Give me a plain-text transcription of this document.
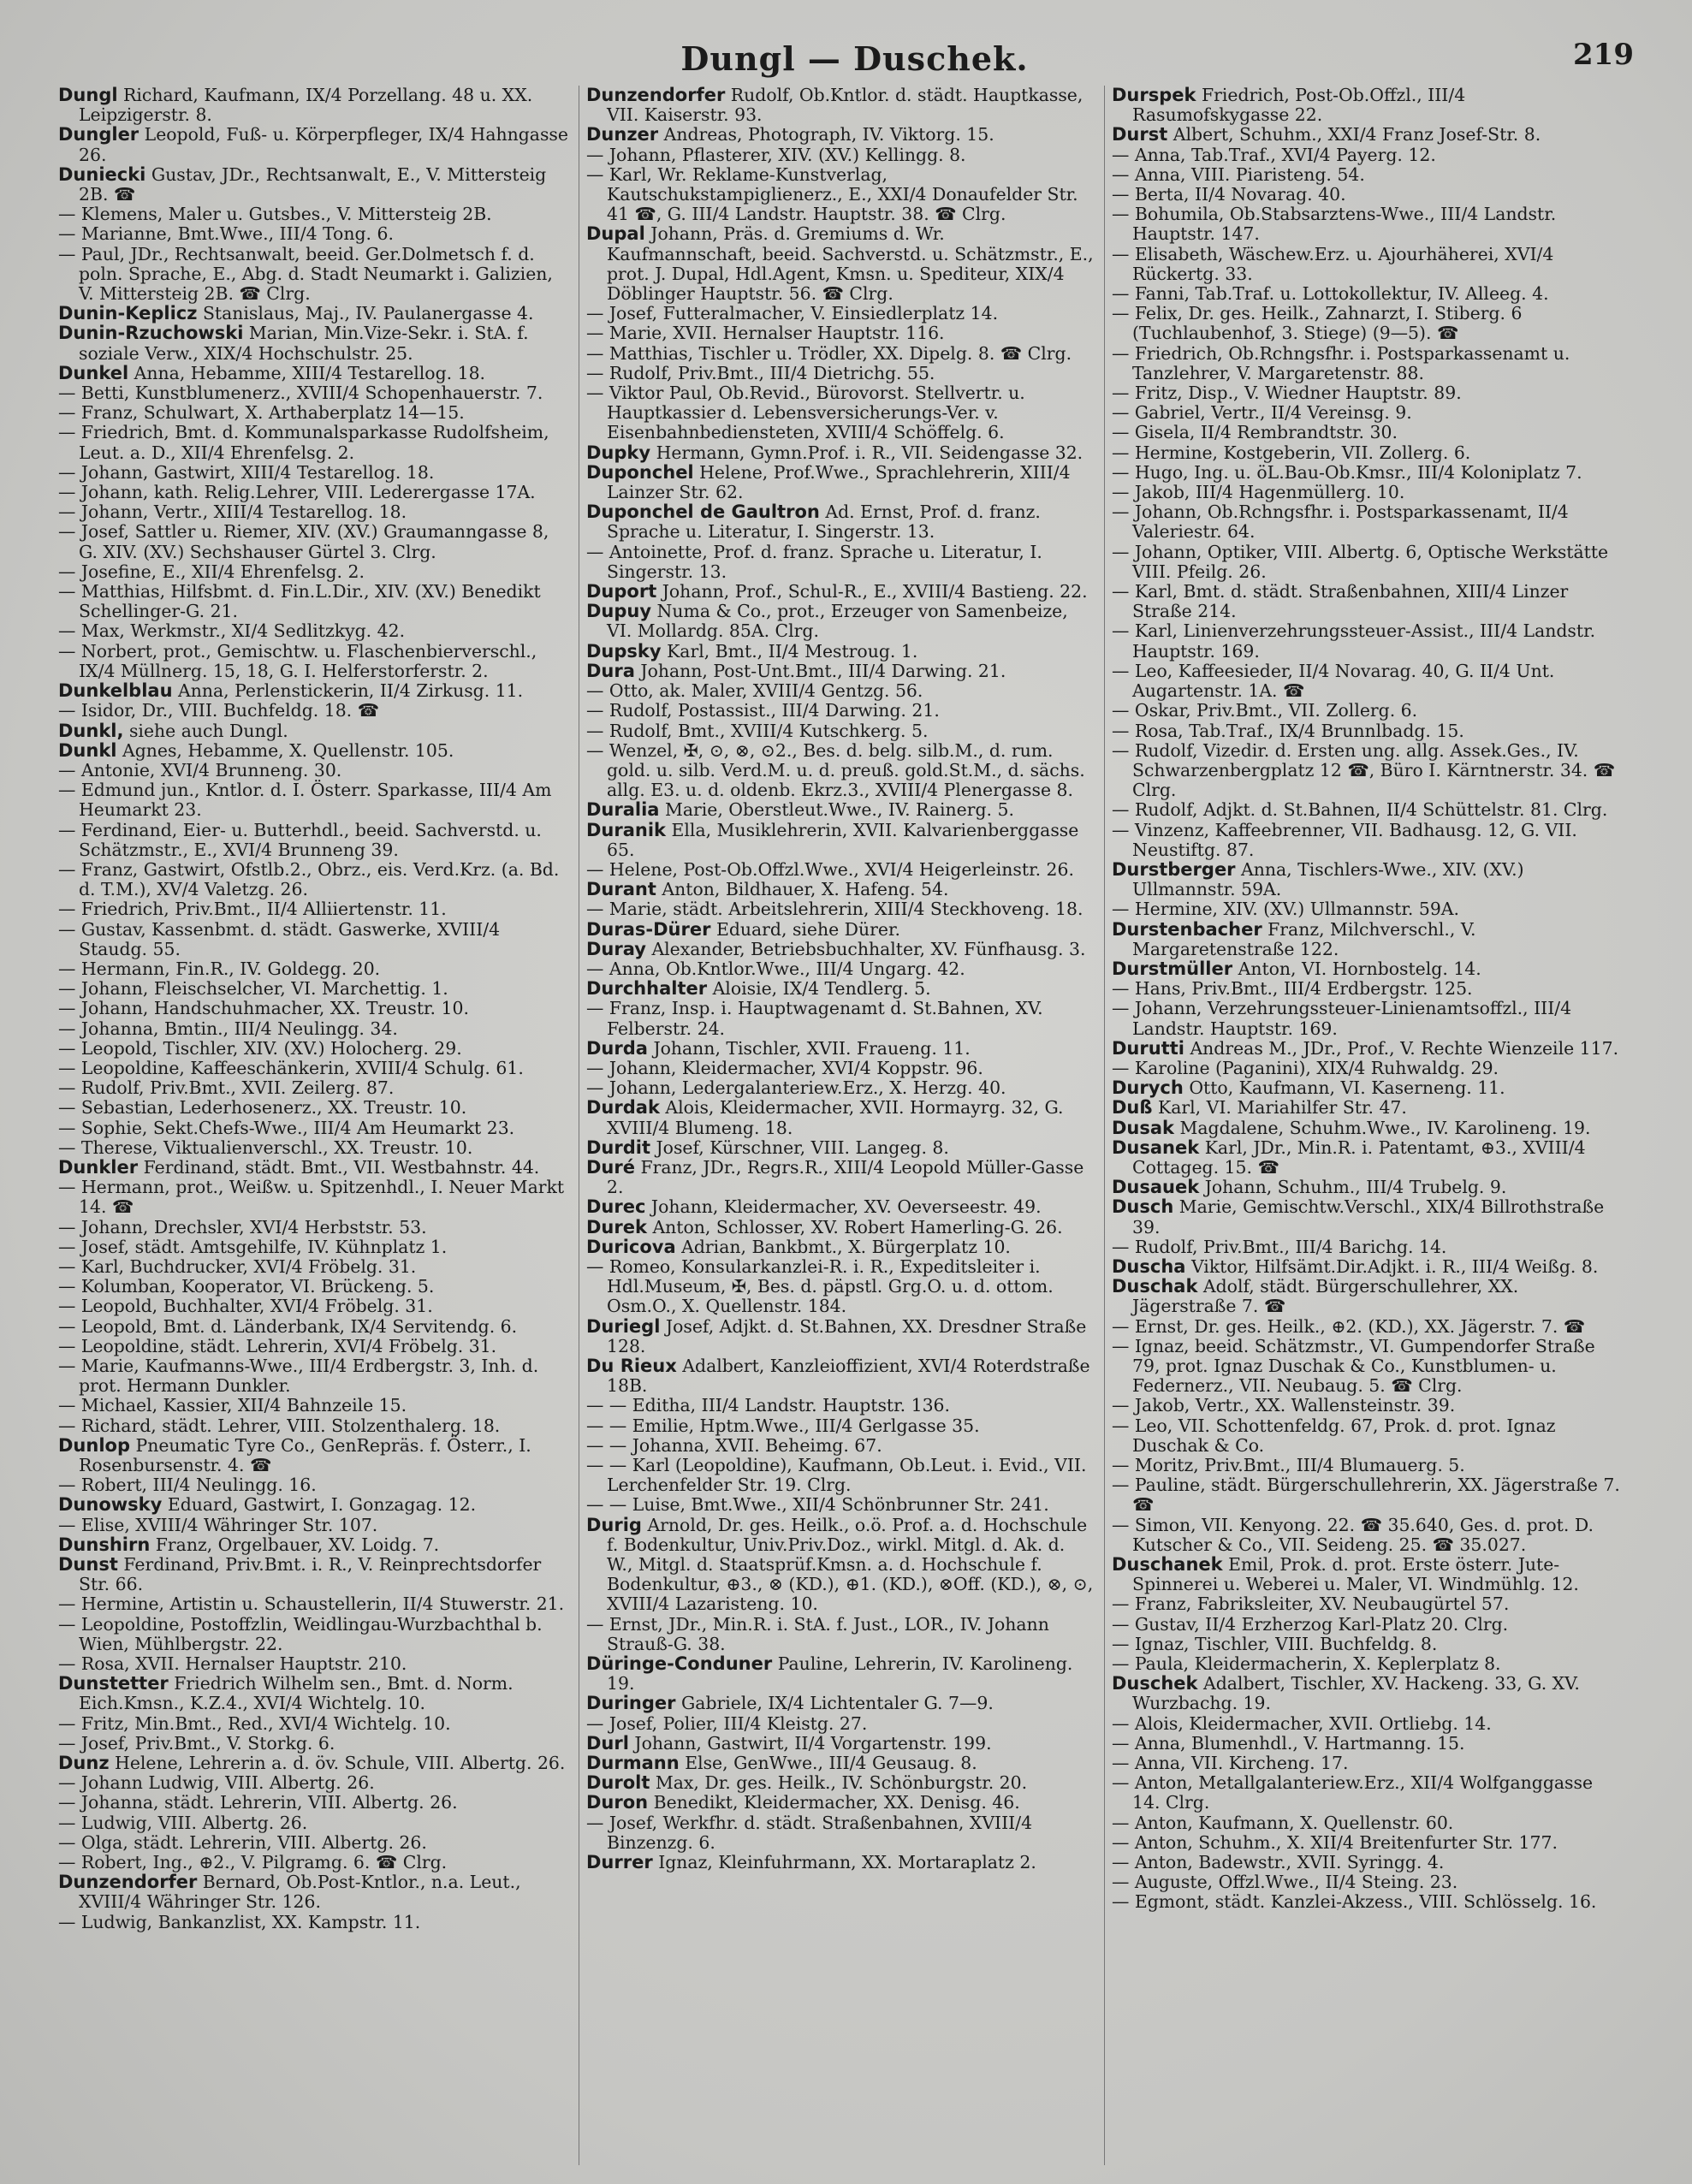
Dungl — Duschek.	219

Dungl Richard, Kaufmann, IX/4 Porzellang. 48 u. XX. Leipzigerstr. 8.

Dungler Leopold, Fuß- u. Körperpfleger, IX/4 Hahngasse 26.

Duniecki Gustav, JDr., Rechtsanwalt, E., V. Mittersteig 2B. ☎

— Klemens, Maler u. Gutsbes., V. Mittersteig 2B.

— Marianne, Bmt.Wwe., III/4 Tong. 6.

— Paul, JDr., Rechtsanwalt, beeid. Ger.Dolmetsch f. d. poln. Sprache, E., Abg. d. Stadt Neumarkt i. Galizien, V. Mittersteig 2B. ☎ Clrg.

Dunin-Keplicz Stanislaus, Maj., IV. Paulanergasse 4.

Dunin-Rzuchowski Marian, Min.Vize-Sekr. i. StA. f. soziale Verw., XIX/4 Hochschulstr. 25.

Dunkel Anna, Hebamme, XIII/4 Testarellog. 18.

— Betti, Kunstblumenerz., XVIII/4 Schopenhauerstr. 7.

— Franz, Schulwart, X. Arthaberplatz 14—15.

— Friedrich, Bmt. d. Kommunalsparkasse Rudolfsheim, Leut. a. D., XII/4 Ehrenfelsg. 2.

— Johann, Gastwirt, XIII/4 Testarellog. 18.

— Johann, kath. Relig.Lehrer, VIII. Lederergasse 17A.

— Johann, Vertr., XIII/4 Testarellog. 18.

— Josef, Sattler u. Riemer, XIV. (XV.) Graumanngasse 8, G. XIV. (XV.) Sechshauser Gürtel 3. Clrg.

— Josefine, E., XII/4 Ehrenfelsg. 2.

— Matthias, Hilfsbmt. d. Fin.L.Dir., XIV. (XV.) Benedikt Schellinger-G. 21.

— Max, Werkmstr., XI/4 Sedlitzkyg. 42.

— Norbert, prot., Gemischtw. u. Flaschenbierverschl., IX/4 Müllnerg. 15, 18, G. I. Helferstorferstr. 2.

Dunkelblau Anna, Perlenstickerin, II/4 Zirkusg. 11.

— Isidor, Dr., VIII. Buchfeldg. 18. ☎

Dunkl, siehe auch Dungl.

Dunkl Agnes, Hebamme, X. Quellenstr. 105.

— Antonie, XVI/4 Brunneng. 30.

— Edmund jun., Kntlor. d. I. Österr. Sparkasse, III/4 Am Heumarkt 23.

— Ferdinand, Eier- u. Butterhdl., beeid. Sachverstd. u. Schätzmstr., E., XVI/4 Brunneng 39.

— Franz, Gastwirt, Ofstlb.2., Obrz., eis. Verd.Krz. (a. Bd. d. T.M.), XV/4 Valetzg. 26.

— Friedrich, Priv.Bmt., II/4 Alliiertenstr. 11.

— Gustav, Kassenbmt. d. städt. Gaswerke, XVIII/4 Staudg. 55.

— Hermann, Fin.R., IV. Goldegg. 20.

— Johann, Fleischselcher, VI. Marchettig. 1.

— Johann, Handschuhmacher, XX. Treustr. 10.

— Johanna, Bmtin., III/4 Neulingg. 34.

— Leopold, Tischler, XIV. (XV.) Holocherg. 29.

— Leopoldine, Kaffeeschänkerin, XVIII/4 Schulg. 61.

— Rudolf, Priv.Bmt., XVII. Zeilerg. 87.

— Sebastian, Lederhosenerz., XX. Treustr. 10.

— Sophie, Sekt.Chefs-Wwe., III/4 Am Heumarkt 23.

— Therese, Viktualienverschl., XX. Treustr. 10.

Dunkler Ferdinand, städt. Bmt., VII. Westbahnstr. 44.

— Hermann, prot., Weißw. u. Spitzenhdl., I. Neuer Markt 14. ☎

— Johann, Drechsler, XVI/4 Herbststr. 53.

— Josef, städt. Amtsgehilfe, IV. Kühnplatz 1.

— Karl, Buchdrucker, XVI/4 Fröbelg. 31.

— Kolumban, Kooperator, VI. Brückeng. 5.

— Leopold, Buchhalter, XVI/4 Fröbelg. 31.

— Leopold, Bmt. d. Länderbank, IX/4 Servitendg. 6.

— Leopoldine, städt. Lehrerin, XVI/4 Fröbelg. 31.

— Marie, Kaufmanns-Wwe., III/4 Erdbergstr. 3, Inh. d. prot. Hermann Dunkler.

— Michael, Kassier, XII/4 Bahnzeile 15.

— Richard, städt. Lehrer, VIII. Stolzenthalerg. 18.

Dunlop Pneumatic Tyre Co., GenRepräs. f. Österr., I. Rosenbursenstr. 4. ☎

— Robert, III/4 Neulingg. 16.

Dunowsky Eduard, Gastwirt, I. Gonzagag. 12.

— Elise, XVIII/4 Währinger Str. 107.

Dunshirn Franz, Orgelbauer, XV. Loidg. 7.

Dunst Ferdinand, Priv.Bmt. i. R., V. Reinprechtsdorfer Str. 66.

— Hermine, Artistin u. Schaustellerin, II/4 Stuwerstr. 21.

— Leopoldine, Postoffzlin, Weidlingau-Wurzbachthal b. Wien, Mühlbergstr. 22.

— Rosa, XVII. Hernalser Hauptstr. 210.

Dunstetter Friedrich Wilhelm sen., Bmt. d. Norm. Eich.Kmsn., K.Z.4., XVI/4 Wichtelg. 10.

— Fritz, Min.Bmt., Red., XVI/4 Wichtelg. 10.

— Josef, Priv.Bmt., V. Storkg. 6.

Dunz Helene, Lehrerin a. d. öv. Schule, VIII. Albertg. 26.

— Johann Ludwig, VIII. Albertg. 26.

— Johanna, städt. Lehrerin, VIII. Albertg. 26.

— Ludwig, VIII. Albertg. 26.

— Olga, städt. Lehrerin, VIII. Albertg. 26.

— Robert, Ing., ⊕2., V. Pilgramg. 6. ☎ Clrg.

Dunzendorfer Bernard, Ob.Post-Kntlor., n.a. Leut., XVIII/4 Währinger Str. 126.

— Ludwig, Bankanzlist, XX. Kampstr. 11.

Dunzendorfer Rudolf, Ob.Kntlor. d. städt. Hauptkasse, VII. Kaiserstr. 93.

Dunzer Andreas, Photograph, IV. Viktorg. 15.

— Johann, Pflasterer, XIV. (XV.) Kellingg. 8.

— Karl, Wr. Reklame-Kunstverlag, Kautschukstampiglienerz., E., XXI/4 Donaufelder Str. 41 ☎, G. III/4 Landstr. Hauptstr. 38. ☎ Clrg.

Dupal Johann, Präs. d. Gremiums d. Wr. Kaufmannschaft, beeid. Sachverstd. u. Schätzmstr., E., prot. J. Dupal, Hdl.Agent, Kmsn. u. Spediteur, XIX/4 Döblinger Hauptstr. 56. ☎ Clrg.

— Josef, Futteralmacher, V. Einsiedlerplatz 14.

— Marie, XVII. Hernalser Hauptstr. 116.

— Matthias, Tischler u. Trödler, XX. Dipelg. 8. ☎ Clrg.

— Rudolf, Priv.Bmt., III/4 Dietrichg. 55.

— Viktor Paul, Ob.Revid., Bürovorst. Stellvertr. u. Hauptkassier d. Lebensversicherungs-Ver. v. Eisenbahnbediensteten, XVIII/4 Schöffelg. 6.

Dupky Hermann, Gymn.Prof. i. R., VII. Seidengasse 32.

Duponchel Helene, Prof.Wwe., Sprachlehrerin, XIII/4 Lainzer Str. 62.

Duponchel de Gaultron Ad. Ernst, Prof. d. franz. Sprache u. Literatur, I. Singerstr. 13.

— Antoinette, Prof. d. franz. Sprache u. Literatur, I. Singerstr. 13.

Duport Johann, Prof., Schul-R., E., XVIII/4 Bastieng. 22.

Dupuy Numa & Co., prot., Erzeuger von Samenbeize, VI. Mollardg. 85A. Clrg.

Dupsky Karl, Bmt., II/4 Mestroug. 1.

Dura Johann, Post-Unt.Bmt., III/4 Darwing. 21.

— Otto, ak. Maler, XVIII/4 Gentzg. 56.

— Rudolf, Postassist., III/4 Darwing. 21.

— Rudolf, Bmt., XVIII/4 Kutschkerg. 5.

— Wenzel, ✠, ⊙, ⊗, ⊙2., Bes. d. belg. silb.M., d. rum. gold. u. silb. Verd.M. u. d. preuß. gold.St.M., d. sächs. allg. E3. u. d. oldenb. Ekrz.3., XVIII/4 Plenergasse 8.

Duralia Marie, Oberstleut.Wwe., IV. Rainerg. 5.

Duranik Ella, Musiklehrerin, XVII. Kalvarienberggasse 65.

— Helene, Post-Ob.Offzl.Wwe., XVI/4 Heigerleinstr. 26.

Durant Anton, Bildhauer, X. Hafeng. 54.

— Marie, städt. Arbeitslehrerin, XIII/4 Steckhoveng. 18.

Duras-Dürer Eduard, siehe Dürer.

Duray Alexander, Betriebsbuchhalter, XV. Fünfhausg. 3.

— Anna, Ob.Kntlor.Wwe., III/4 Ungarg. 42.

Durchhalter Aloisie, IX/4 Tendlerg. 5.

— Franz, Insp. i. Hauptwagenamt d. St.Bahnen, XV. Felberstr. 24.

Durda Johann, Tischler, XVII. Fraueng. 11.

— Johann, Kleidermacher, XVI/4 Koppstr. 96.

— Johann, Ledergalanteriew.Erz., X. Herzg. 40.

Durdak Alois, Kleidermacher, XVII. Hormayrg. 32, G. XVIII/4 Blumeng. 18.

Durdit Josef, Kürschner, VIII. Langeg. 8.

Duré Franz, JDr., Regrs.R., XIII/4 Leopold Müller-Gasse 2.

Durec Johann, Kleidermacher, XV. Oeverseestr. 49.

Durek Anton, Schlosser, XV. Robert Hamerling-G. 26.

Duricova Adrian, Bankbmt., X. Bürgerplatz 10.

— Romeo, Konsularkanzlei-R. i. R., Expeditsleiter i. Hdl.Museum, ✠, Bes. d. päpstl. Grg.O. u. d. ottom. Osm.O., X. Quellenstr. 184.

Duriegl Josef, Adjkt. d. St.Bahnen, XX. Dresdner Straße 128.

Du Rieux Adalbert, Kanzleioffizient, XVI/4 Roterdstraße 18B.

— — Editha, III/4 Landstr. Hauptstr. 136.

— — Emilie, Hptm.Wwe., III/4 Gerlgasse 35.

— — Johanna, XVII. Beheimg. 67.

— — Karl (Leopoldine), Kaufmann, Ob.Leut. i. Evid., VII. Lerchenfelder Str. 19. Clrg.

— — Luise, Bmt.Wwe., XII/4 Schönbrunner Str. 241.

Durig Arnold, Dr. ges. Heilk., o.ö. Prof. a. d. Hochschule f. Bodenkultur, Univ.Priv.Doz., wirkl. Mitgl. d. Ak. d. W., Mitgl. d. Staatsprüf.Kmsn. a. d. Hochschule f. Bodenkultur, ⊕3., ⊗ (KD.), ⊕1. (KD.), ⊗Off. (KD.), ⊗, ⊙, XVIII/4 Lazaristeng. 10.

— Ernst, JDr., Min.R. i. StA. f. Just., LOR., IV. Johann Strauß-G. 38.

Düringe-Conduner Pauline, Lehrerin, IV. Karolineng. 19.

Duringer Gabriele, IX/4 Lichtentaler G. 7—9.

— Josef, Polier, III/4 Kleistg. 27.

Durl Johann, Gastwirt, II/4 Vorgartenstr. 199.

Durmann Else, GenWwe., III/4 Geusaug. 8.

Durolt Max, Dr. ges. Heilk., IV. Schönburgstr. 20.

Duron Benedikt, Kleidermacher, XX. Denisg. 46.

— Josef, Werkfhr. d. städt. Straßenbahnen, XVIII/4 Binzenzg. 6.

Durrer Ignaz, Kleinfuhrmann, XX. Mortaraplatz 2.

Durspek Friedrich, Post-Ob.Offzl., III/4 Rasumofskygasse 22.

Durst Albert, Schuhm., XXI/4 Franz Josef-Str. 8.

— Anna, Tab.Traf., XVI/4 Payerg. 12.

— Anna, VIII. Piaristeng. 54.

— Berta, II/4 Novarag. 40.

— Bohumila, Ob.Stabsarztens-Wwe., III/4 Landstr. Hauptstr. 147.

— Elisabeth, Wäschew.Erz. u. Ajourhäherei, XVI/4 Rückertg. 33.

— Fanni, Tab.Traf. u. Lottokollektur, IV. Alleeg. 4.

— Felix, Dr. ges. Heilk., Zahnarzt, I. Stiberg. 6 (Tuchlaubenhof, 3. Stiege) (9—5). ☎

— Friedrich, Ob.Rchngsfhr. i. Postsparkassenamt u. Tanzlehrer, V. Margaretenstr. 88.

— Fritz, Disp., V. Wiedner Hauptstr. 89.

— Gabriel, Vertr., II/4 Vereinsg. 9.

— Gisela, II/4 Rembrandtstr. 30.

— Hermine, Kostgeberin, VII. Zollerg. 6.

— Hugo, Ing. u. öL.Bau-Ob.Kmsr., III/4 Koloniplatz 7.

— Jakob, III/4 Hagenmüllerg. 10.

— Johann, Ob.Rchngsfhr. i. Postsparkassenamt, II/4 Valeriestr. 64.

— Johann, Optiker, VIII. Albertg. 6, Optische Werkstätte VIII. Pfeilg. 26.

— Karl, Bmt. d. städt. Straßenbahnen, XIII/4 Linzer Straße 214.

— Karl, Linienverzehrungssteuer-Assist., III/4 Landstr. Hauptstr. 169.

— Leo, Kaffeesieder, II/4 Novarag. 40, G. II/4 Unt. Augartenstr. 1A. ☎

— Oskar, Priv.Bmt., VII. Zollerg. 6.

— Rosa, Tab.Traf., IX/4 Brunnlbadg. 15.

— Rudolf, Vizedir. d. Ersten ung. allg. Assek.Ges., IV. Schwarzenbergplatz 12 ☎, Büro I. Kärntnerstr. 34. ☎ Clrg.

— Rudolf, Adjkt. d. St.Bahnen, II/4 Schüttelstr. 81. Clrg.

— Vinzenz, Kaffeebrenner, VII. Badhausg. 12, G. VII. Neustiftg. 87.

Durstberger Anna, Tischlers-Wwe., XIV. (XV.) Ullmannstr. 59A.

— Hermine, XIV. (XV.) Ullmannstr. 59A.

Durstenbacher Franz, Milchverschl., V. Margaretenstraße 122.

Durstmüller Anton, VI. Hornbostelg. 14.

— Hans, Priv.Bmt., III/4 Erdbergstr. 125.

— Johann, Verzehrungssteuer-Linienamtsoffzl., III/4 Landstr. Hauptstr. 169.

Durutti Andreas M., JDr., Prof., V. Rechte Wienzeile 117.

— Karoline (Paganini), XIX/4 Ruhwaldg. 29.

Durych Otto, Kaufmann, VI. Kaserneng. 11.

Duß Karl, VI. Mariahilfer Str. 47.

Dusak Magdalene, Schuhm.Wwe., IV. Karolineng. 19.

Dusanek Karl, JDr., Min.R. i. Patentamt, ⊕3., XVIII/4 Cottageg. 15. ☎

Dusauek Johann, Schuhm., III/4 Trubelg. 9.

Dusch Marie, Gemischtw.Verschl., XIX/4 Billrothstraße 39.

— Rudolf, Priv.Bmt., III/4 Barichg. 14.

Duscha Viktor, Hilfsämt.Dir.Adjkt. i. R., III/4 Weißg. 8.

Duschak Adolf, städt. Bürgerschullehrer, XX. Jägerstraße 7. ☎

— Ernst, Dr. ges. Heilk., ⊕2. (KD.), XX. Jägerstr. 7. ☎

— Ignaz, beeid. Schätzmstr., VI. Gumpendorfer Straße 79, prot. Ignaz Duschak & Co., Kunstblumen- u. Federnerz., VII. Neubaug. 5. ☎ Clrg.

— Jakob, Vertr., XX. Wallensteinstr. 39.

— Leo, VII. Schottenfeldg. 67, Prok. d. prot. Ignaz Duschak & Co.

— Moritz, Priv.Bmt., III/4 Blumauerg. 5.

— Pauline, städt. Bürgerschullehrerin, XX. Jägerstraße 7. ☎

— Simon, VII. Kenyong. 22. ☎ 35.640, Ges. d. prot. D. Kutscher & Co., VII. Seideng. 25. ☎ 35.027.

Duschanek Emil, Prok. d. prot. Erste österr. Jute-Spinnerei u. Weberei u. Maler, VI. Windmühlg. 12.

— Franz, Fabriksleiter, XV. Neubaugürtel 57.

— Gustav, II/4 Erzherzog Karl-Platz 20. Clrg.

— Ignaz, Tischler, VIII. Buchfeldg. 8.

— Paula, Kleidermacherin, X. Keplerplatz 8.

Duschek Adalbert, Tischler, XV. Hackeng. 33, G. XV. Wurzbachg. 19.

— Alois, Kleidermacher, XVII. Ortliebg. 14.

— Anna, Blumenhdl., V. Hartmanng. 15.

— Anna, VII. Kircheng. 17.

— Anton, Metallgalanteriew.Erz., XII/4 Wolfganggasse 14. Clrg.

— Anton, Kaufmann, X. Quellenstr. 60.

— Anton, Schuhm., X. XII/4 Breitenfurter Str. 177.

— Anton, Badewstr., XVII. Syringg. 4.

— Auguste, Offzl.Wwe., II/4 Steing. 23.

— Egmont, städt. Kanzlei-Akzess., VIII. Schlösselg. 16.
